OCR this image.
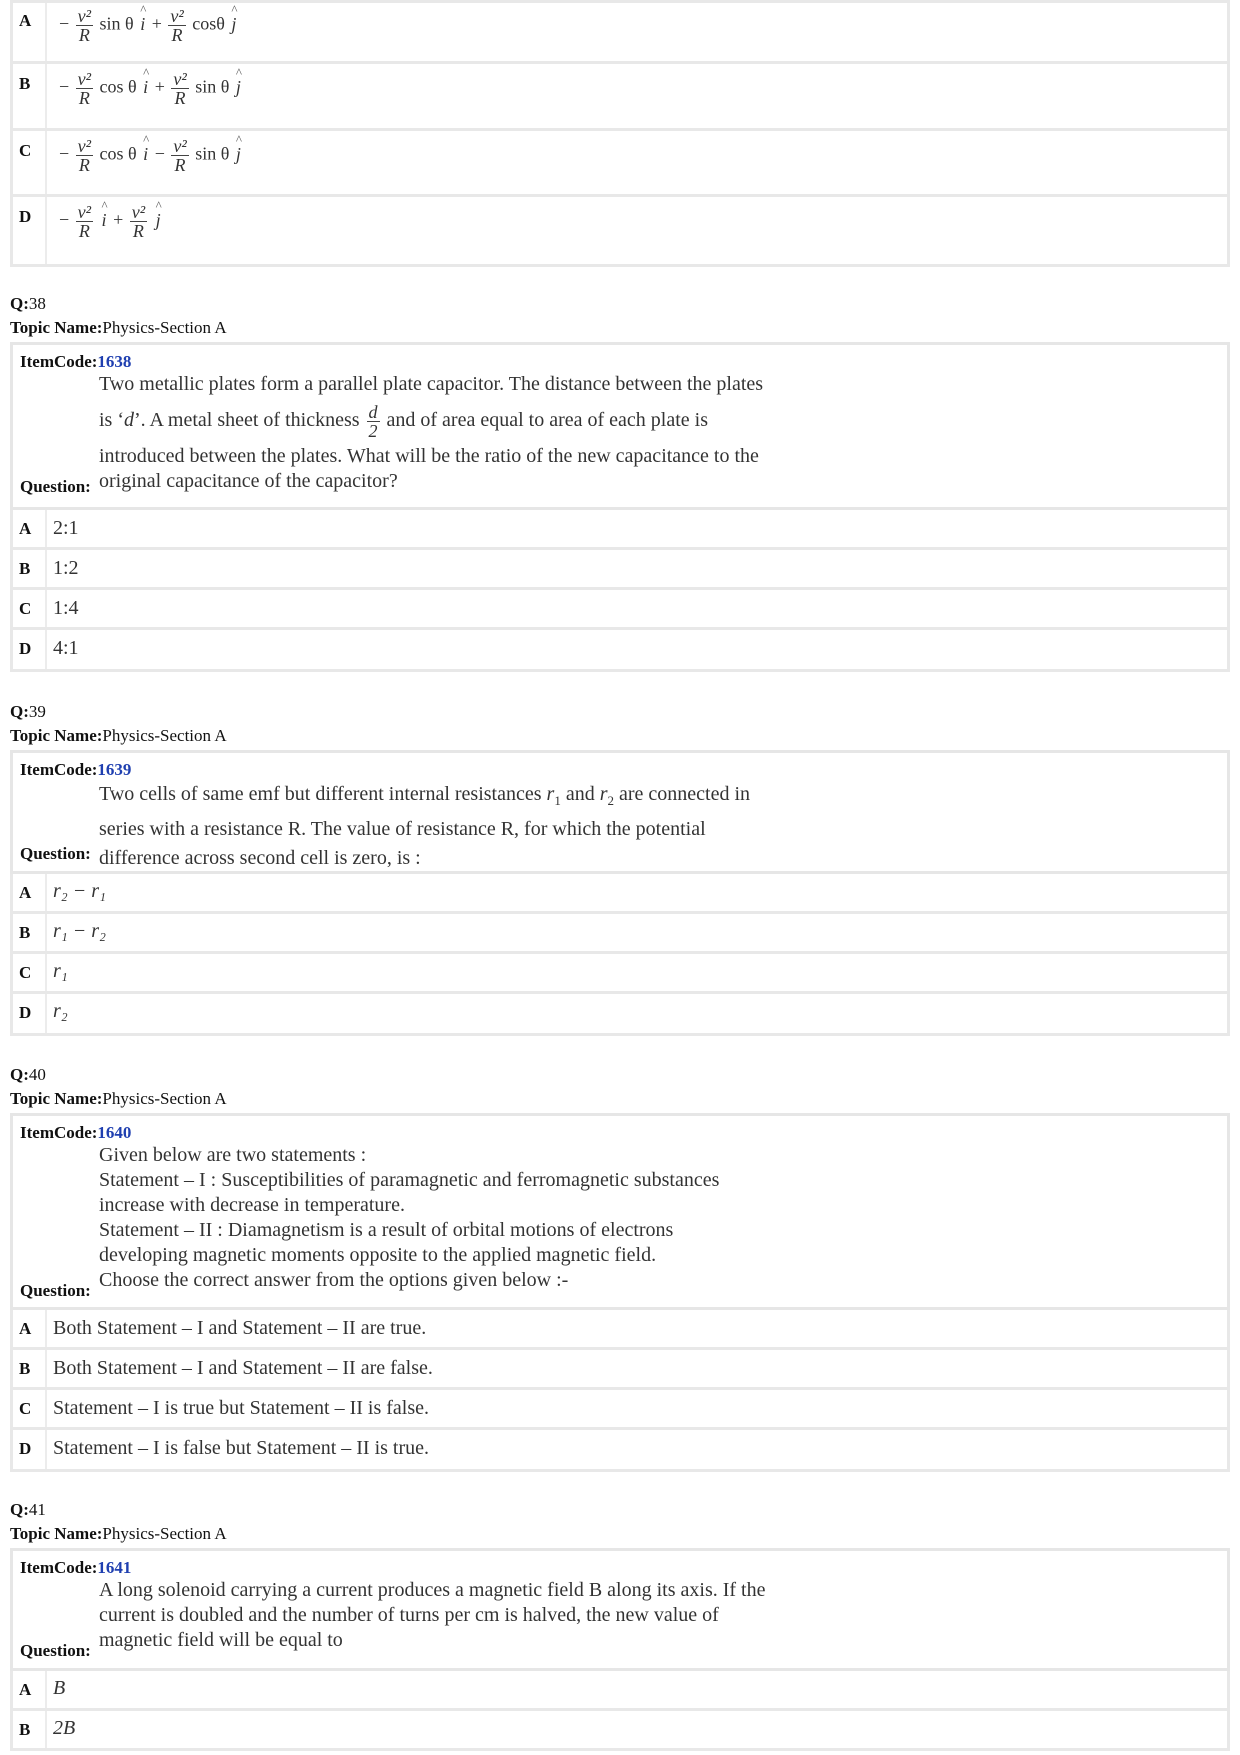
$A - \frac{\text{v²}}{R}$ sin θ ^ $i + \frac{\text{v²}}{R}$ cosθ ^ j
$B - \frac{\text{v²}}{R}$ cos θ ^ $i + \frac{\text{v²}}{R}$ sin θ ^ j
$C - \frac{\text{v²}}{R}$ cos θ ^ $i - \frac{\text{v²}}{R}$ sin θ ^ j
$D - \frac{\text{v²}}{R}$ ^ $i + \frac{\text{v²}}{R}$ ^ j
Q:38
Topic Name:Physics-Section A
ItemCode:1638
Two metallic plates form a parallel plate capacitor. The distance between the plates
is ‘d’. A metal sheet of thickness $\frac{d}{2}$ and of area equal to area of each plate is
introduced between the plates. What will be the ratio of the new capacitance to the
original capacitance of the capacitor?
Question:
A 2:1
B 1:2
C 1:4
D 4:1
Q:39
Topic Name:Physics-Section A
ItemCode:1639
Two cells of same emf but different internal resistances $r_1$ and $r_2$ are connected in
series with a resistance R. The value of resistance R, for which the potential
difference across second cell is zero, is :
Question:
A r₂ − r₁
B r₁ − r₂
C r₁
D r₂
Q:40
Topic Name:Physics-Section A
ItemCode:1640
Given below are two statements :
Statement – I : Susceptibilities of paramagnetic and ferromagnetic substances
increase with decrease in temperature.
Statement – II : Diamagnetism is a result of orbital motions of electrons
developing magnetic moments opposite to the applied magnetic field.
Choose the correct answer from the options given below :-
Question:
A Both Statement – I and Statement – II are true.
B Both Statement – I and Statement – II are false.
C Statement – I is true but Statement – II is false.
D Statement – I is false but Statement – II is true.
Q:41
Topic Name:Physics-Section A
ItemCode:1641
A long solenoid carrying a current produces a magnetic field B along its axis. If the
current is doubled and the number of turns per cm is halved, the new value of
magnetic field will be equal to
Question:
A B
B 2B
